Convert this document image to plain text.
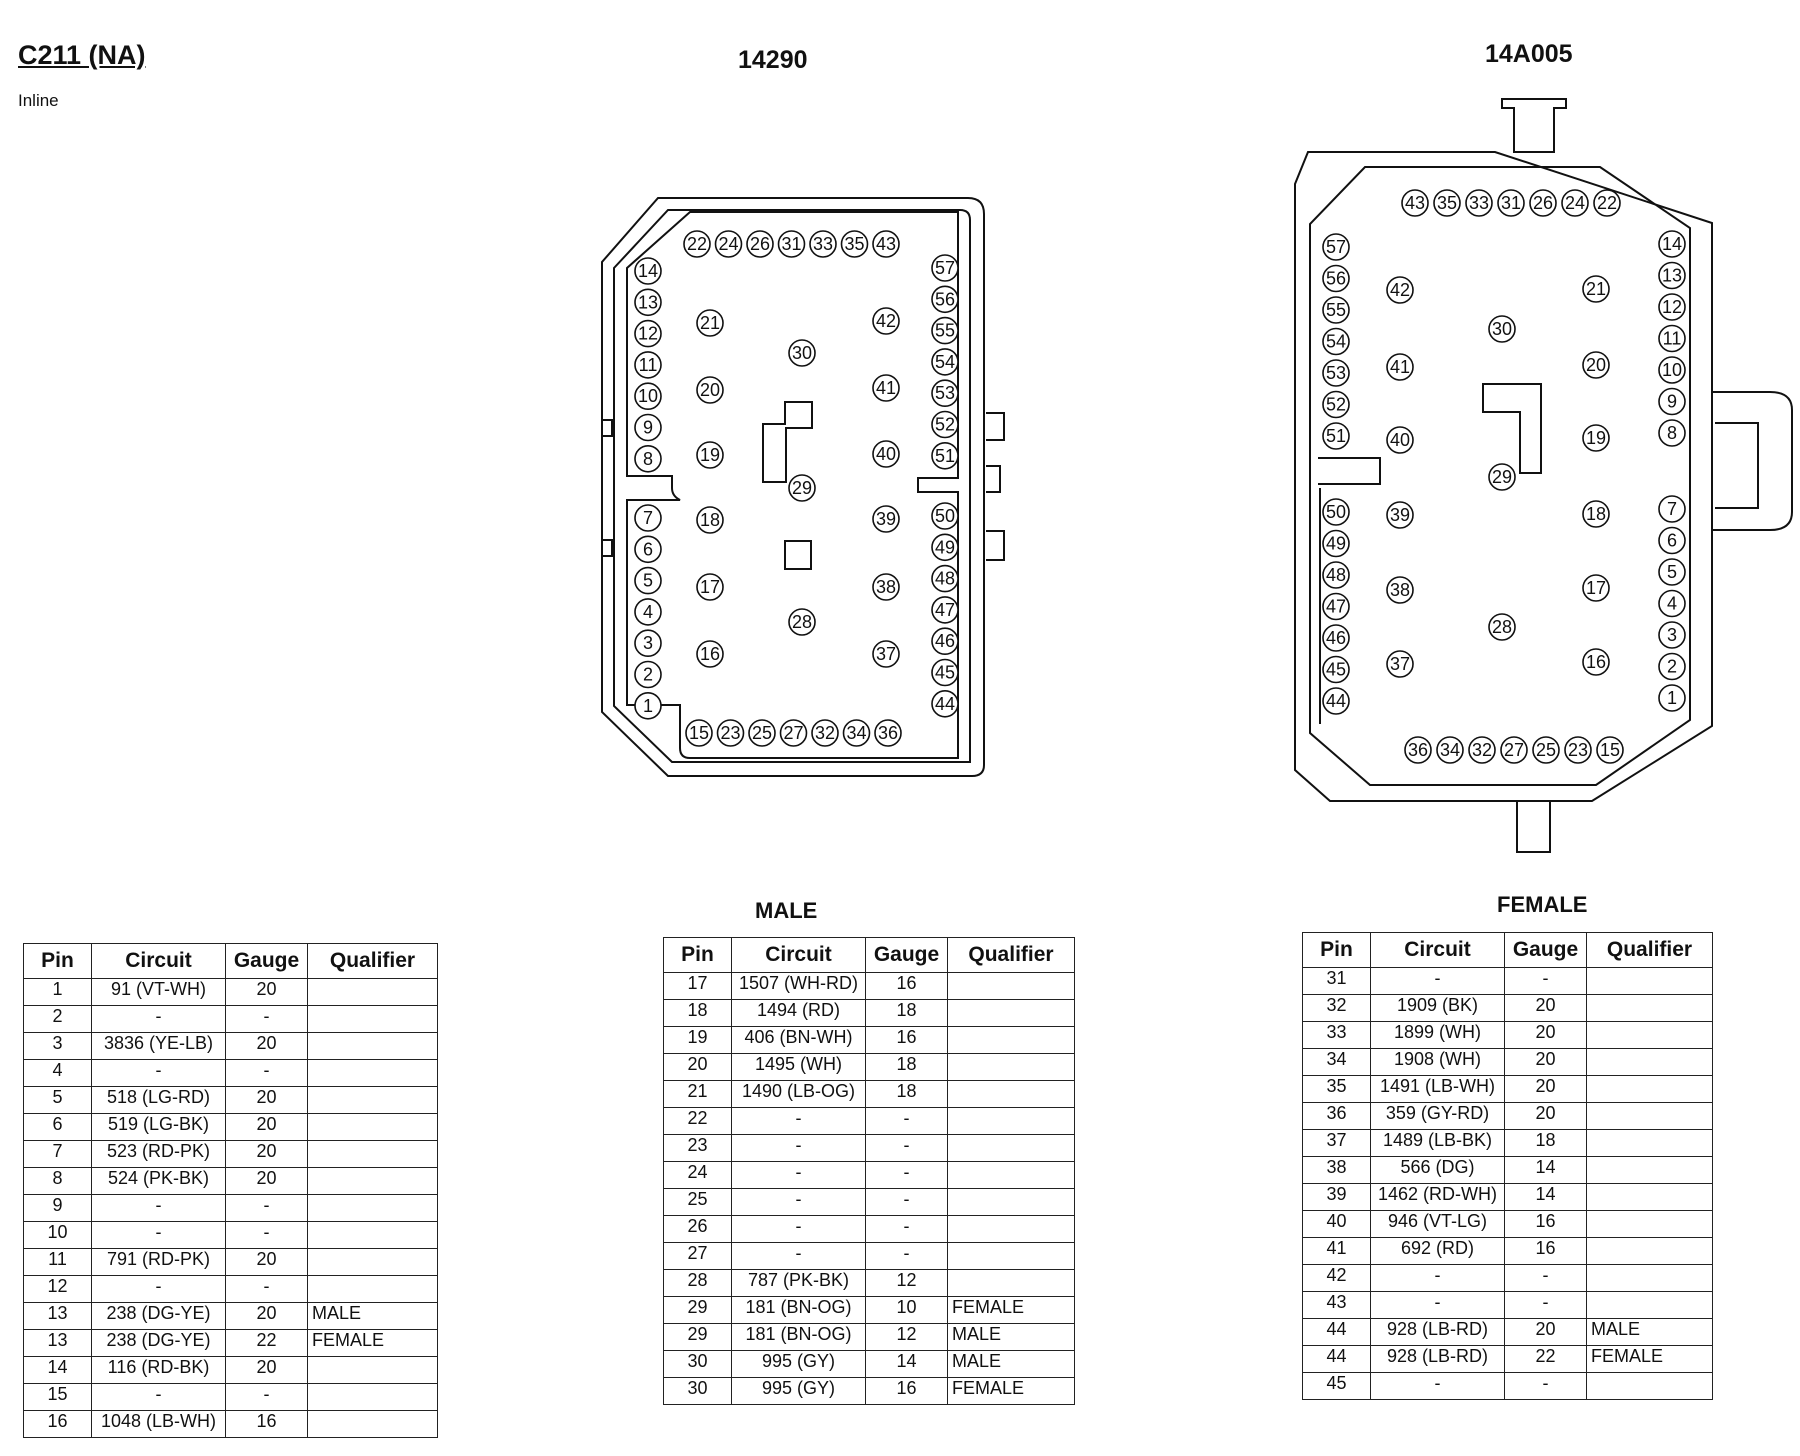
C211 (NA)
Inline
14290	14A005
22 24 26 31 33 35 43
15 23 25 27 32 34 36
14
13
12
11
10
9
8
7
6
5
4
3
2
1
57
56
55
54
53
52
51
50
49
48
47
46
45
44
21
20
19
18
17
16
42
41
40
39
38
37
30
29
28
43 35 33 31 26 24 22
36 34 32 27 25 23 15
57
56
55
54
53
52
51
50
49
48
47
46
45
44
14
13
12
11
10
9
8
7
6
5
4
3
2
1
42
41
40
39
38
37
21
20
19
18
17
16
30
29
28
MALE	FEMALE
Pin	Circuit	Gauge	Qualifier
1	91 (VT-WH)	20	
2	-	-	
3	3836 (YE-LB)	20	
4	-	-	
5	518 (LG-RD)	20	
6	519 (LG-BK)	20	
7	523 (RD-PK)	20	
8	524 (PK-BK)	20	
9	-	-	
10	-	-	
11	791 (RD-PK)	20	
12	-	-	
13	238 (DG-YE)	20	MALE
13	238 (DG-YE)	22	FEMALE
14	116 (RD-BK)	20	
15	-	-	
16	1048 (LB-WH)	16	
Pin	Circuit	Gauge	Qualifier
17	1507 (WH-RD)	16	
18	1494 (RD)	18	
19	406 (BN-WH)	16	
20	1495 (WH)	18	
21	1490 (LB-OG)	18	
22	-	-	
23	-	-	
24	-	-	
25	-	-	
26	-	-	
27	-	-	
28	787 (PK-BK)	12	
29	181 (BN-OG)	10	FEMALE
29	181 (BN-OG)	12	MALE
30	995 (GY)	14	MALE
30	995 (GY)	16	FEMALE
Pin	Circuit	Gauge	Qualifier
31	-	-	
32	1909 (BK)	20	
33	1899 (WH)	20	
34	1908 (WH)	20	
35	1491 (LB-WH)	20	
36	359 (GY-RD)	20	
37	1489 (LB-BK)	18	
38	566 (DG)	14	
39	1462 (RD-WH)	14	
40	946 (VT-LG)	16	
41	692 (RD)	16	
42	-	-	
43	-	-	
44	928 (LB-RD)	20	MALE
44	928 (LB-RD)	22	FEMALE
45	-	-	
